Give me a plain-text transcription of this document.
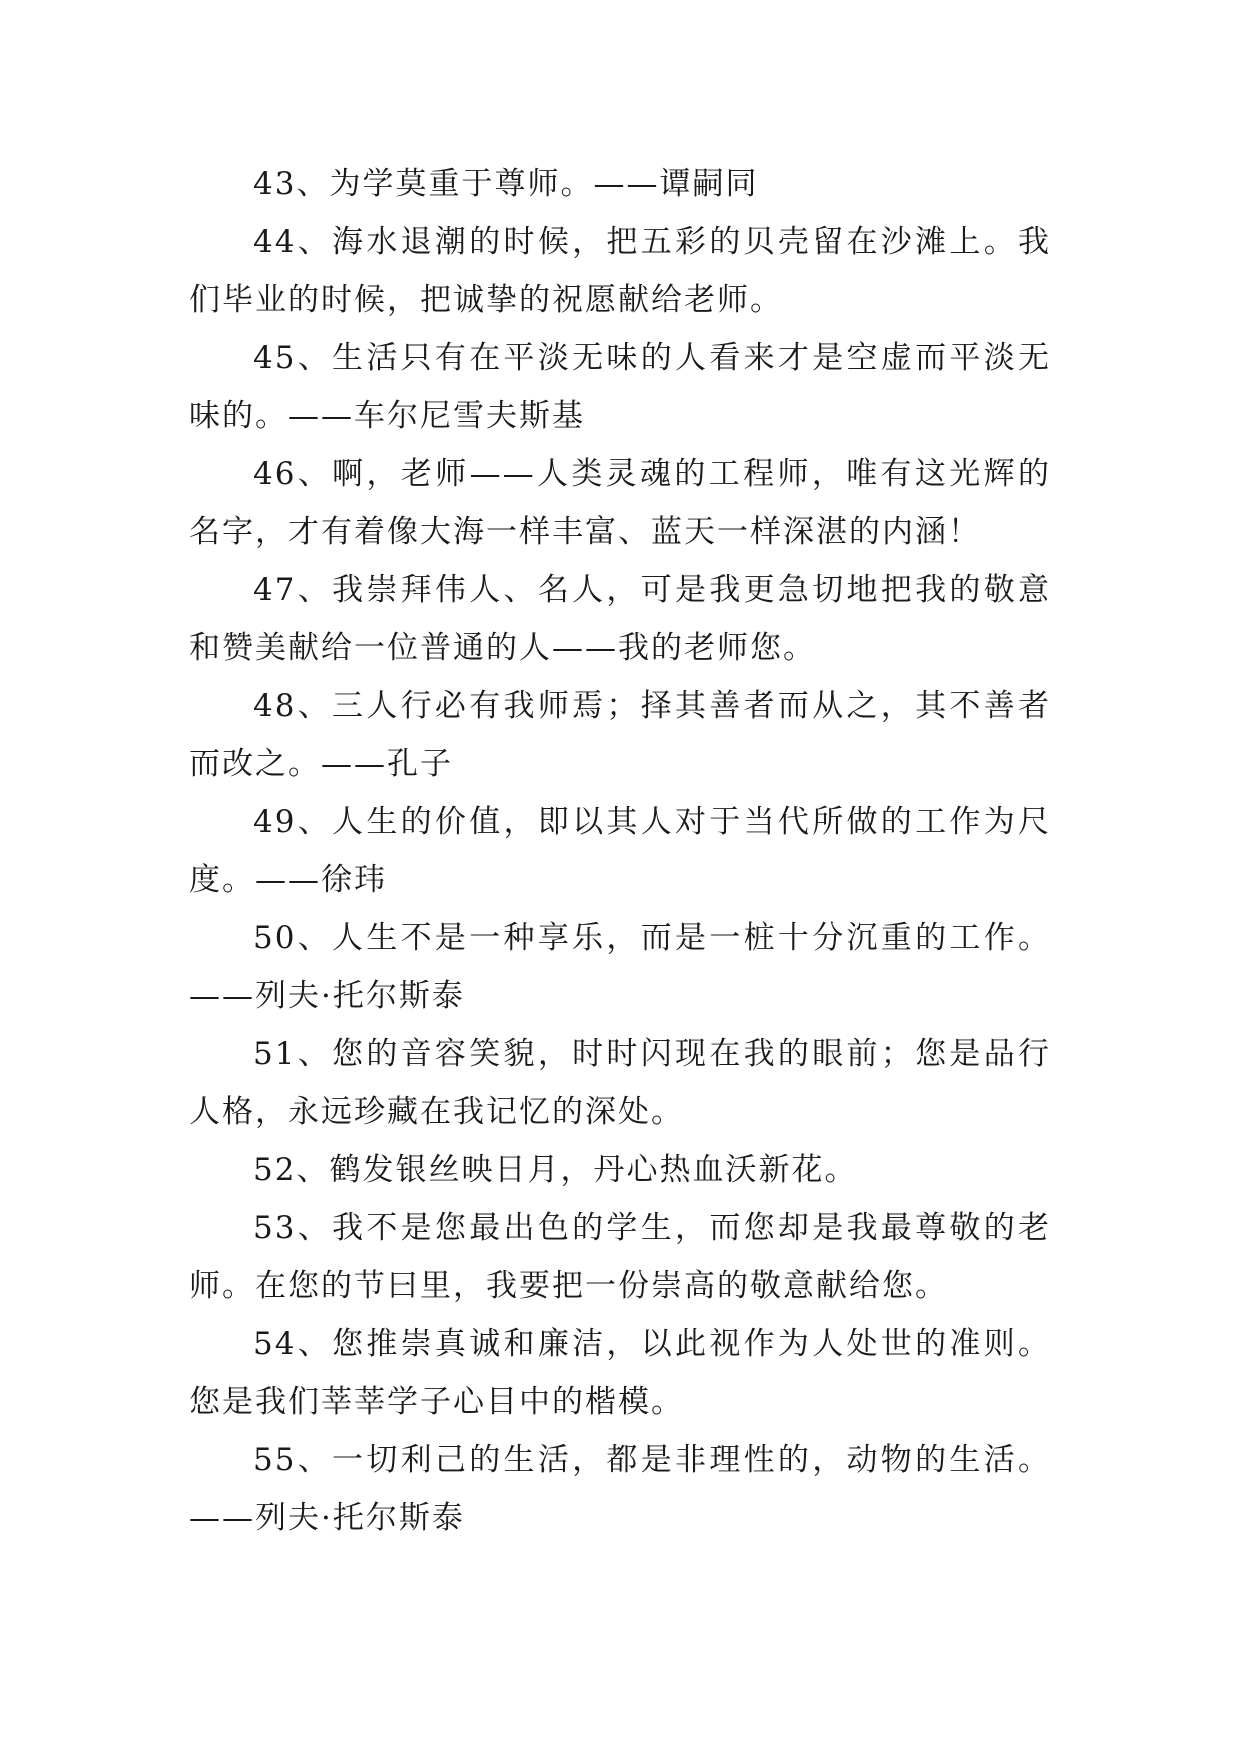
43、为学莫重于尊师。——谭嗣同

44、海水退潮的时候，把五彩的贝壳留在沙滩上。我们毕业的时候，把诚挚的祝愿献给老师。

45、生活只有在平淡无味的人看来才是空虚而平淡无味的。——车尔尼雪夫斯基

46、啊，老师——人类灵魂的工程师，唯有这光辉的名字，才有着像大海一样丰富、蓝天一样深湛的内涵！

47、我崇拜伟人、名人，可是我更急切地把我的敬意和赞美献给一位普通的人——我的老师您。

48、三人行必有我师焉；择其善者而从之，其不善者而改之。——孔子

49、人生的价值，即以其人对于当代所做的工作为尺度。——徐玮

50、人生不是一种享乐，而是一桩十分沉重的工作。——列夫·托尔斯泰

51、您的音容笑貌，时时闪现在我的眼前；您是品行人格，永远珍藏在我记忆的深处。

52、鹤发银丝映日月，丹心热血沃新花。

53、我不是您最出色的学生，而您却是我最尊敬的老师。在您的节曰里，我要把一份崇高的敬意献给您。

54、您推崇真诚和廉洁，以此视作为人处世的准则。您是我们莘莘学子心目中的楷模。

55、一切利己的生活，都是非理性的，动物的生活。——列夫·托尔斯泰
